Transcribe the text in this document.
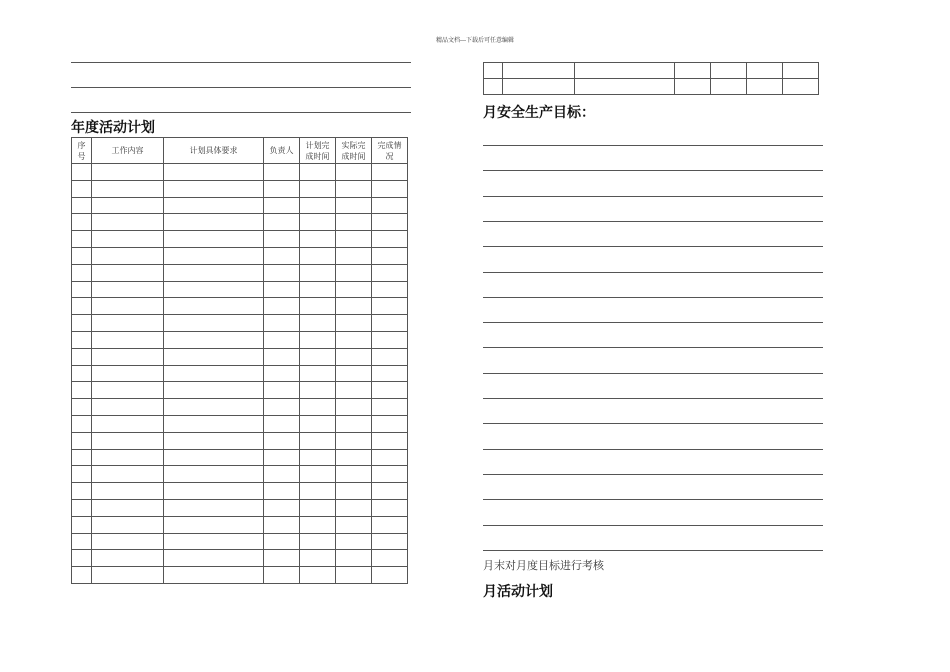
精品文档---下载后可任意编辑
年度活动计划
序号	工作内容	计划具体要求	负责人	计划完成时间	实际完成时间	完成情况

月安全生产目标：
月末对月度目标进行考核
月活动计划
